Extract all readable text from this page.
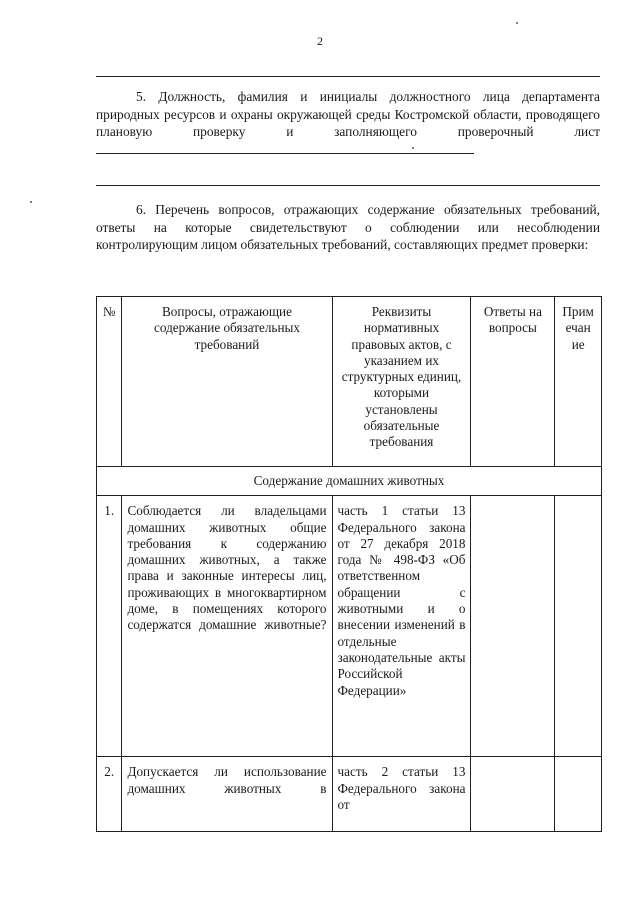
2

5. Должность, фамилия и инициалы должностного лица департамента природных ресурсов и охраны окружающей среды Костромской области, проводящего плановую проверку и заполняющего проверочный лист

6. Перечень вопросов, отражающих содержание обязательных требований, ответы на которые свидетельствуют о соблюдении или несоблюдении контролирующим лицом обязательных требований, составляющих предмет проверки:

№	Вопросы, отражающие содержание обязательных требований	Реквизиты нормативных правовых актов, с указанием их структурных единиц, которыми установлены обязательные требования	Ответы на вопросы	Примечание
Содержание домашних животных				
1.	Соблюдается ли владельцами домашних животных общие требования к содержанию домашних животных, а также права и законные интересы лиц, проживающих в многоквартирном доме, в помещениях которого содержатся домашние животные?	часть 1 статьи 13 Федерального закона от 27 декабря 2018 года № 498-ФЗ «Об ответственном обращении с животными и о внесении изменений в отдельные законодательные акты Российской Федерации»		
2.	Допускается ли использование домашних животных в	часть 2 статьи 13 Федерального закона от		
